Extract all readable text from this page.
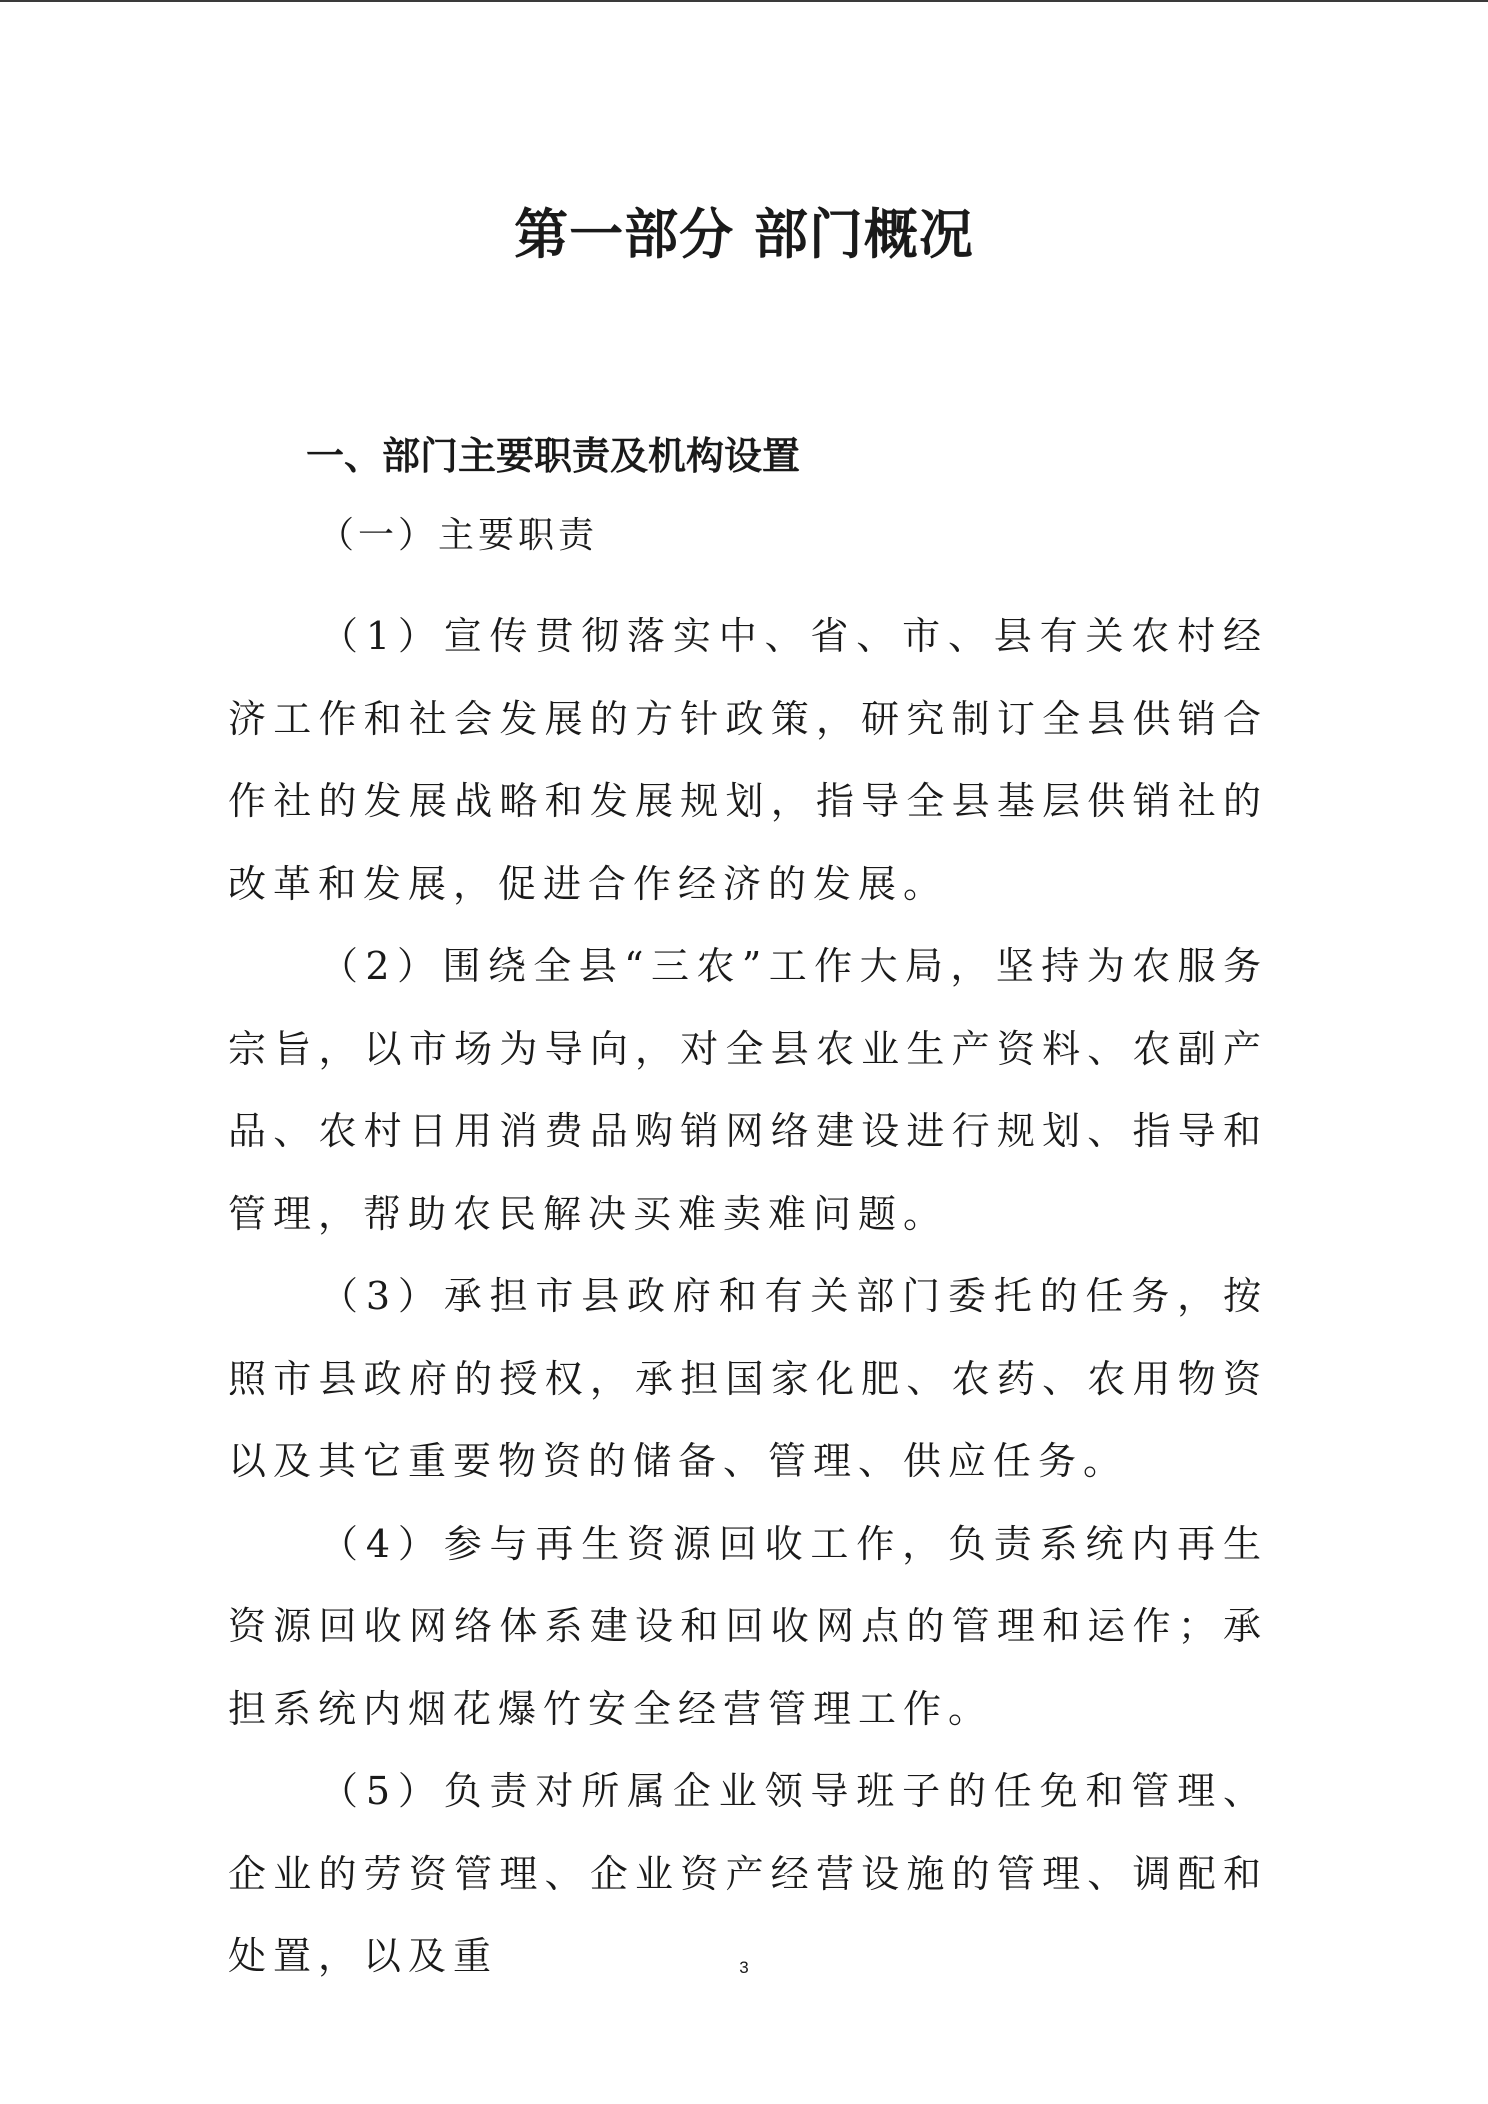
第一部分 部门概况
一、部门主要职责及机构设置
（一）主要职责

（1）宣传贯彻落实中、省、市、县有关农村经济工作和社会发展的方针政策，研究制订全县供销合作社的发展战略和发展规划，指导全县基层供销社的改革和发展，促进合作经济的发展。

（2）围绕全县“三农”工作大局，坚持为农服务宗旨，以市场为导向，对全县农业生产资料、农副产品、农村日用消费品购销网络建设进行规划、指导和管理，帮助农民解决买难卖难问题。

（3）承担市县政府和有关部门委托的任务，按照市县政府的授权，承担国家化肥、农药、农用物资以及其它重要物资的储备、管理、供应任务。

（4）参与再生资源回收工作，负责系统内再生资源回收网络体系建设和回收网点的管理和运作；承担系统内烟花爆竹安全经营管理工作。

（5）负责对所属企业领导班子的任免和管理、企业的劳资管理、企业资产经营设施的管理、调配和处置，以及重	3
